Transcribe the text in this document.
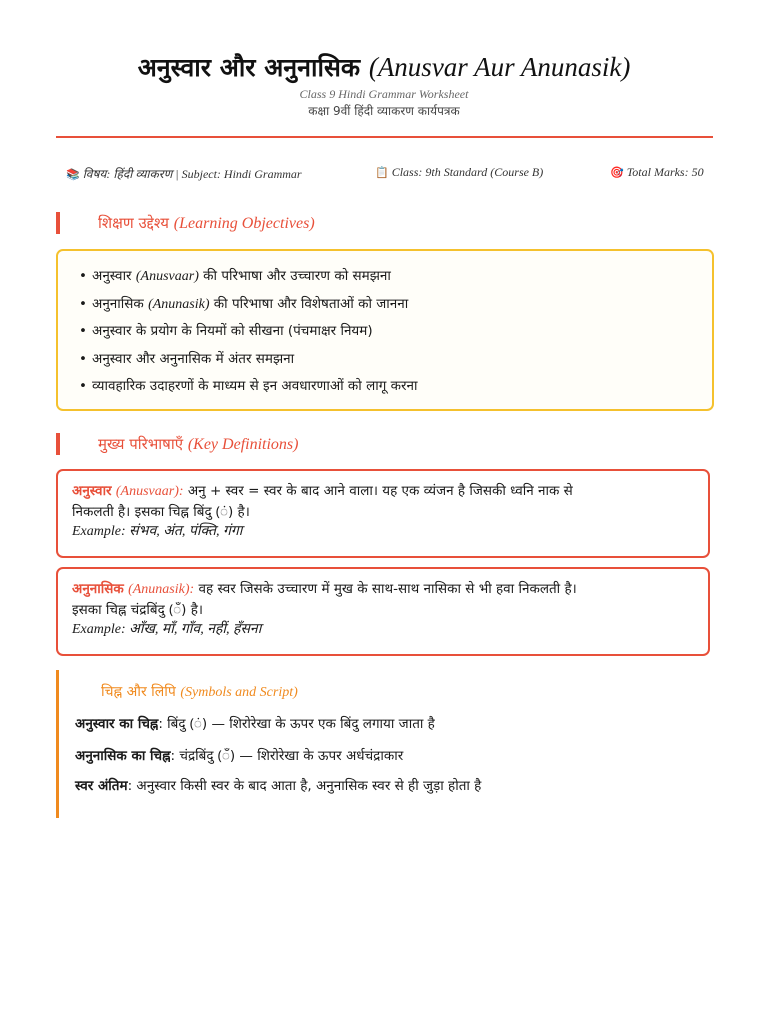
अनुस्वार और अनुनासिक (Anusvar Aur Anunasik)
Class 9 Hindi Grammar Worksheet
कक्षा 9वीं हिंदी व्याकरण कार्यपत्रक
📚 विषय: हिंदी व्याकरण | Subject: Hindi Grammar	📋 Class: 9th Standard (Course B)	🎯 Total Marks: 50
शिक्षण उद्देश्य (Learning Objectives)
• अनुस्वार (Anusvaar) की परिभाषा और उच्चारण को समझना
• अनुनासिक (Anunasik) की परिभाषा और विशेषताओं को जानना
• अनुस्वार के प्रयोग के नियमों को सीखना (पंचमाक्षर नियम)
• अनुस्वार और अनुनासिक में अंतर समझना
• व्यावहारिक उदाहरणों के माध्यम से इन अवधारणाओं को लागू करना
मुख्य परिभाषाएँ (Key Definitions)
अनुस्वार (Anusvaar): अनु + स्वर = स्वर के बाद आने वाला। यह एक व्यंजन है जिसकी ध्वनि नाक से
निकलती है। इसका चिह्न बिंदु (ं) है।
Example: संभव, अंत, पंक्ति, गंगा
अनुनासिक (Anunasik): वह स्वर जिसके उच्चारण में मुख के साथ-साथ नासिका से भी हवा निकलती है।
इसका चिह्न चंद्रबिंदु (ँ) है।
Example: आँख, माँ, गाँव, नहीं, हँसना
चिह्न और लिपि (Symbols and Script)
अनुस्वार का चिह्न: बिंदु (ं) — शिरोरेखा के ऊपर एक बिंदु लगाया जाता है
अनुनासिक का चिह्न: चंद्रबिंदु (ँ) — शिरोरेखा के ऊपर अर्धचंद्राकार
स्वर अंतिम: अनुस्वार किसी स्वर के बाद आता है, अनुनासिक स्वर से ही जुड़ा होता है
